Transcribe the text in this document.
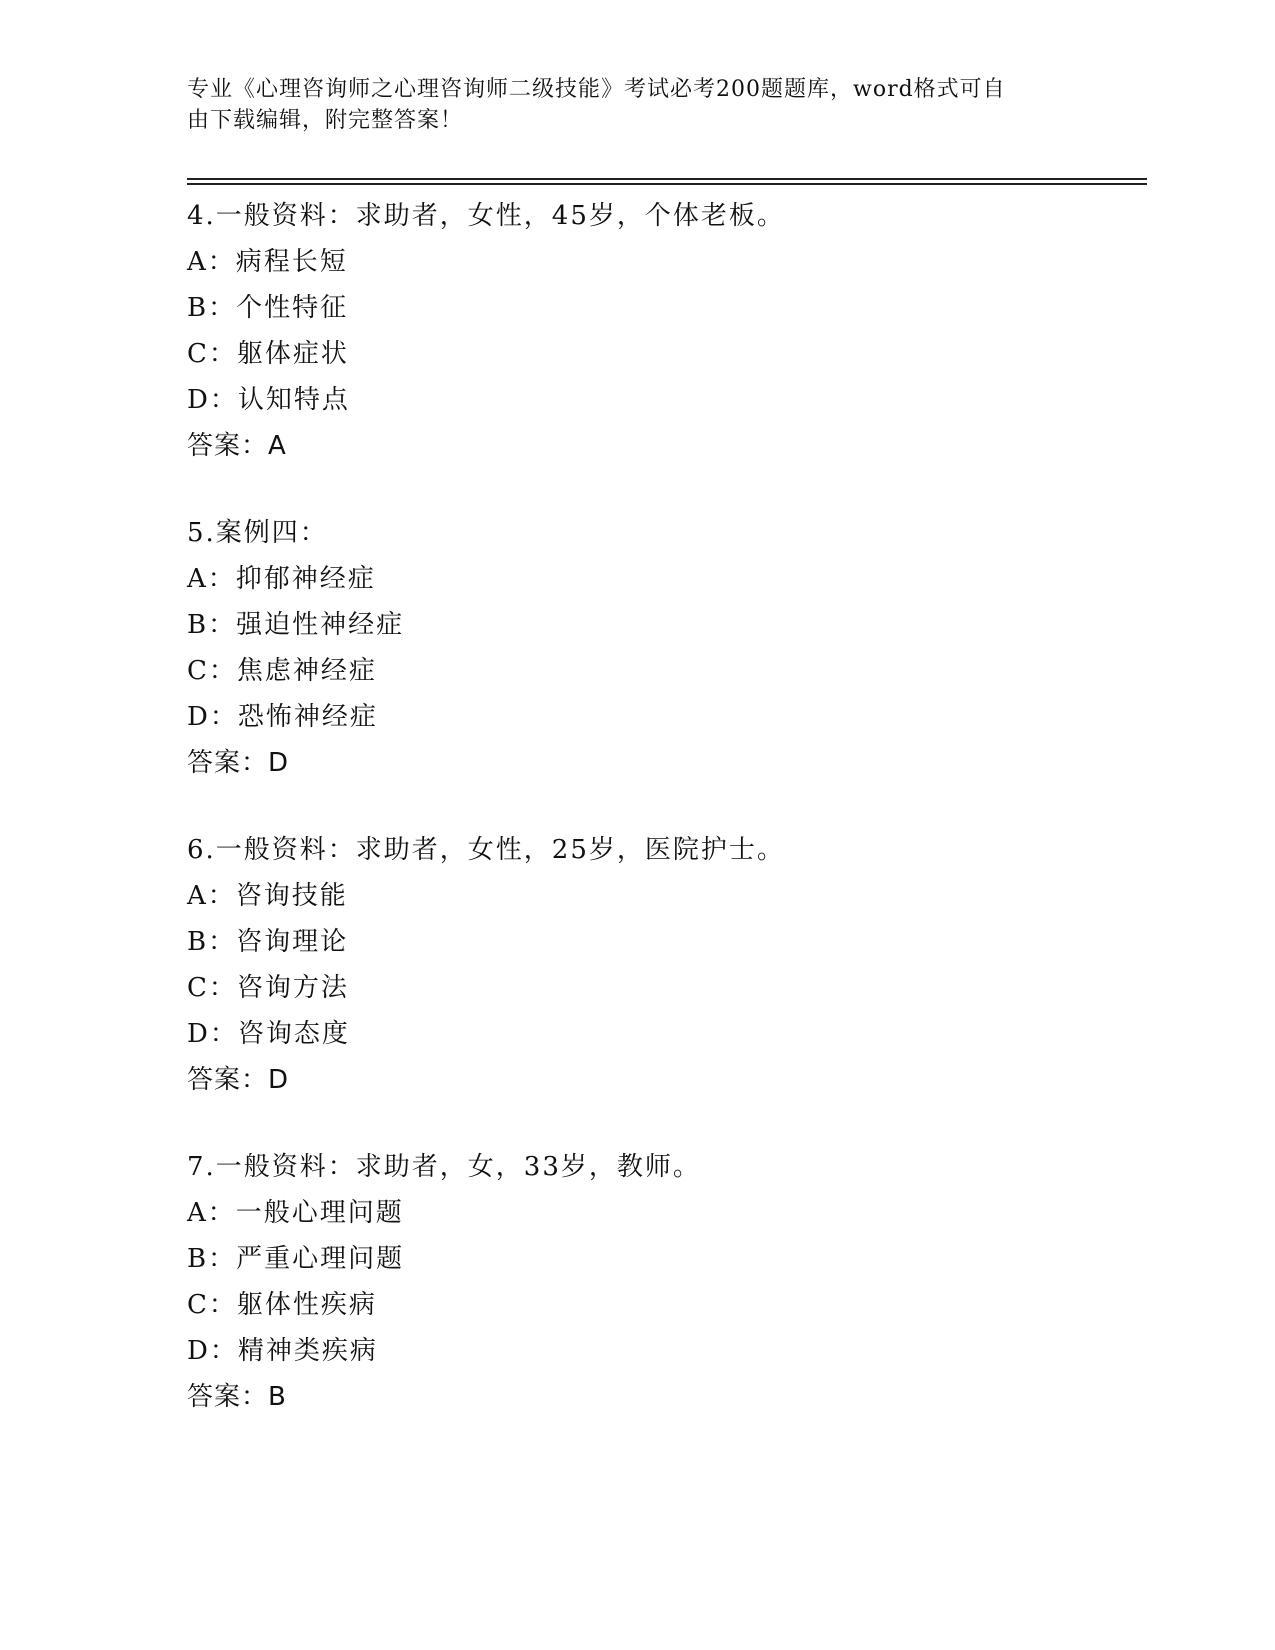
专业《心理咨询师之心理咨询师二级技能》考试必考200题题库，word格式可自
由下载编辑，附完整答案！
4.一般资料：求助者，女性，45岁，个体老板。
A：病程长短
B：个性特征
C：躯体症状
D：认知特点
答案：A
5.案例四：
A：抑郁神经症
B：强迫性神经症
C：焦虑神经症
D：恐怖神经症
答案：D
6.一般资料：求助者，女性，25岁，医院护士。
A：咨询技能
B：咨询理论
C：咨询方法
D：咨询态度
答案：D
7.一般资料：求助者，女，33岁，教师。
A：一般心理问题
B：严重心理问题
C：躯体性疾病
D：精神类疾病
答案：B
